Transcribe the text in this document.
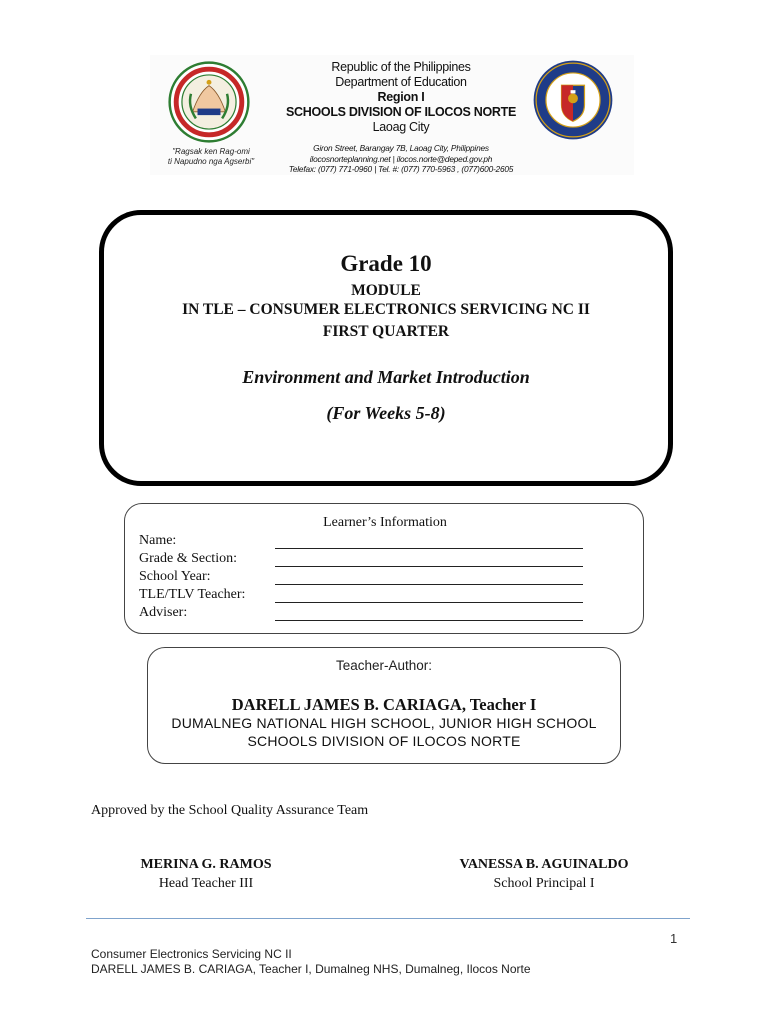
"Ragsak ken Rag-omi
ti Napudno nga Agserbi"
Republic of the Philippines
Department of Education
Region I
SCHOOLS DIVISION OF ILOCOS NORTE
Laoag City
Giron Street, Barangay 7B, Laoag City, Philippines
ilocosnorteplanning.net | ilocos.norte@deped.gov.ph
Telefax: (077) 771-0960 | Tel. #: (077) 770-5963 , (077)600-2605
Grade 10
MODULE
IN TLE – CONSUMER ELECTRONICS SERVICING NC II
FIRST QUARTER
Environment and Market Introduction
(For Weeks 5-8)
Learner’s Information
Name:
Grade & Section:
School Year:
TLE/TLV Teacher:
Adviser:
Teacher-Author:
DARELL JAMES B. CARIAGA, Teacher I
DUMALNEG NATIONAL HIGH SCHOOL, JUNIOR HIGH SCHOOL
SCHOOLS DIVISION OF ILOCOS NORTE
Approved by the School Quality Assurance Team
MERINA G. RAMOS
Head Teacher III
VANESSA B. AGUINALDO
School Principal I
1
Consumer Electronics Servicing NC II
DARELL JAMES B. CARIAGA, Teacher I, Dumalneg NHS, Dumalneg, Ilocos Norte
